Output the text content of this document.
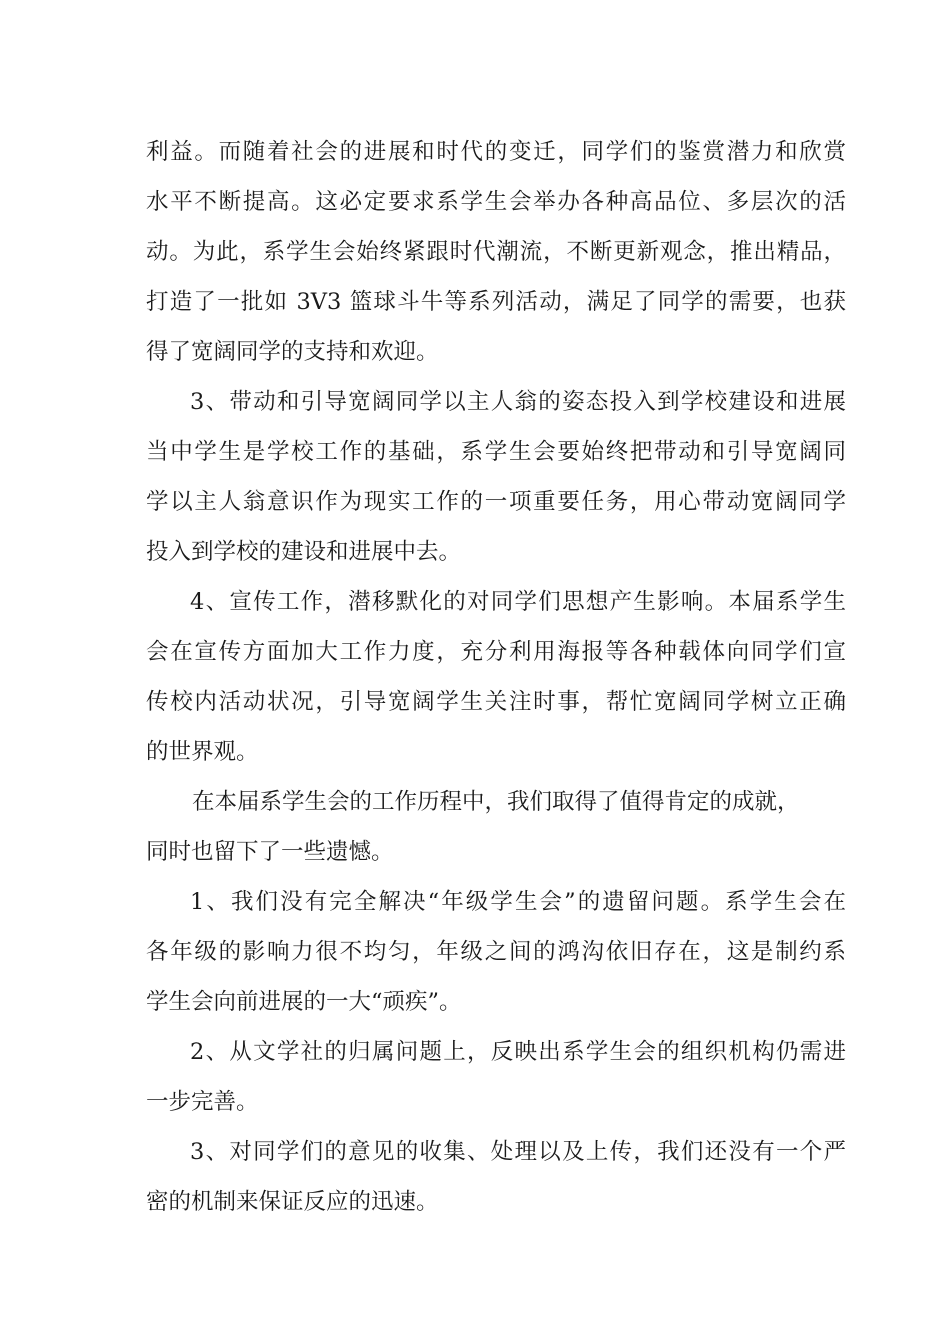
利益。而随着社会的进展和时代的变迁，同学们的鉴赏潜力和欣赏
水平不断提高。这必定要求系学生会举办各种高品位、多层次的活
动。为此，系学生会始终紧跟时代潮流，不断更新观念，推出精品，
打造了一批如 3V3 篮球斗牛等系列活动，满足了同学的需要，也获
得了宽阔同学的支持和欢迎。
3、带动和引导宽阔同学以主人翁的姿态投入到学校建设和进展
当中学生是学校工作的基础，系学生会要始终把带动和引导宽阔同
学以主人翁意识作为现实工作的一项重要任务，用心带动宽阔同学
投入到学校的建设和进展中去。
4、宣传工作，潜移默化的对同学们思想产生影响。本届系学生
会在宣传方面加大工作力度，充分利用海报等各种载体向同学们宣
传校内活动状况，引导宽阔学生关注时事，帮忙宽阔同学树立正确
的世界观。
在本届系学生会的工作历程中，我们取得了值得肯定的成就，
同时也留下了一些遗憾。
1、我们没有完全解决“年级学生会”的遗留问题。系学生会在
各年级的影响力很不均匀，年级之间的鸿沟依旧存在，这是制约系
学生会向前进展的一大“顽疾”。
2、从文学社的归属问题上，反映出系学生会的组织机构仍需进
一步完善。
3、对同学们的意见的收集、处理以及上传，我们还没有一个严
密的机制来保证反应的迅速。
